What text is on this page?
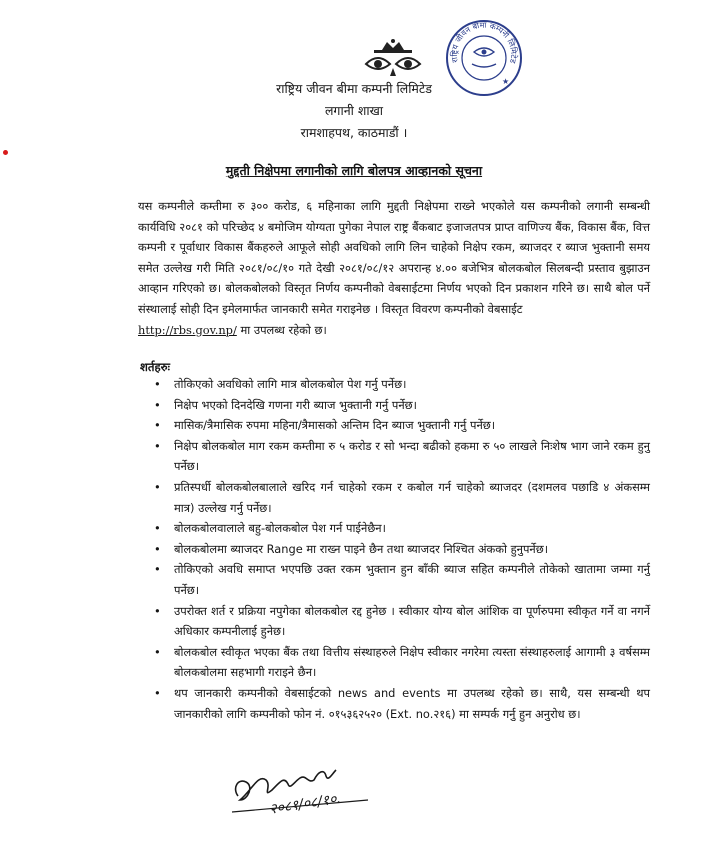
राष्ट्रिय जीवन बीमा कम्पनी लिमिटेड
★
राष्ट्रिय जीवन बीमा कम्पनी लिमिटेड
लगानी शाखा
रामशाहपथ, काठमाडौं ।
मुद्दती निक्षेपमा लगानीको लागि बोलपत्र आव्हानको सूचना

यस कम्पनीले कम्तीमा रु ३०० करोड, ६ महिनाका लागि मुद्दती निक्षेपमा राख्ने भएकोले यस कम्पनीको लगानी सम्बन्धी कार्यविधि २०८१ को परिच्छेद ४ बमोजिम योग्यता पुगेका नेपाल राष्ट्र बैंकबाट इजाजतपत्र प्राप्त वाणिज्य बैंक, विकास बैंक, वित्त कम्पनी र पूर्वाधार विकास बैंकहरुले आफूले सोही अवधिको लागि लिन चाहेको निक्षेप रकम, ब्याजदर र ब्याज भुक्तानी समय समेत उल्लेख गरी मिति २०८१/०८/१० गते देखी २०८१/०८/१२ अपरान्ह ४.०० बजेभित्र बोलकबोल सिलबन्दी प्रस्ताव बुझाउन आव्हान गरिएको छ। बोलकबोलको विस्तृत निर्णय कम्पनीको वेबसाईटमा निर्णय भएको दिन प्रकाशन गरिने छ। साथै बोल पर्ने संस्थालाई सोही दिन इमेलमार्फत जानकारी समेत गराइनेछ । विस्तृत विवरण कम्पनीको वेबसाईट
http://rbs.gov.np/ मा उपलब्ध रहेको छ।

शर्तहरुः
• तोकिएको अवधिको लागि मात्र बोलकबोल पेश गर्नु पर्नेछ।
• निक्षेप भएको दिनदेखि गणना गरी ब्याज भुक्तानी गर्नु पर्नेछ।
• मासिक/त्रैमासिक रुपमा महिना/त्रैमासको अन्तिम दिन ब्याज भुक्तानी गर्नु पर्नेछ।
• निक्षेप बोलकबोल माग रकम कम्तीमा रु ५ करोड र सो भन्दा बढीको हकमा रु ५० लाखले निःशेष भाग जाने रकम हुनु पर्नेछ।
• प्रतिस्पर्धी बोलकबोलबालाले खरिद गर्न चाहेको रकम र कबोल गर्न चाहेको ब्याजदर (दशमलव पछाडि ४ अंकसम्म मात्र) उल्लेख गर्नु पर्नेछ।
• बोलकबोलवालाले बहु-बोलकबोल पेश गर्न पाईनेछैन।
• बोलकबोलमा ब्याजदर Range मा राख्न पाइने छैन तथा ब्याजदर निश्चित अंकको हुनुपर्नेछ।
• तोकिएको अवधि समाप्त भएपछि उक्त रकम भुक्तान हुन बाँकी ब्याज सहित कम्पनीले तोकेको खातामा जम्मा गर्नु पर्नेछ।
• उपरोक्त शर्त र प्रक्रिया नपुगेका बोलकबोल रद्द हुनेछ । स्वीकार योग्य बोल आंशिक वा पूर्णरुपमा स्वीकृत गर्ने वा नगर्ने अधिकार कम्पनीलाई हुनेछ।
• बोलकबोल स्वीकृत भएका बैंक तथा वित्तीय संस्थाहरुले निक्षेप स्वीकार नगरेमा त्यस्ता संस्थाहरुलाई आगामी ३ वर्षसम्म बोलकबोलमा सहभागी गराइने छैन।
• थप जानकारी कम्पनीको वेबसाईटको news and events मा उपलब्ध रहेको छ। साथै, यस सम्बन्धी थप जानकारीको लागि कम्पनीको फोन नं. ०१५३६२५२० (Ext. no.२१६) मा सम्पर्क गर्नु हुन अनुरोध छ।
२०८१/०८/१०.
